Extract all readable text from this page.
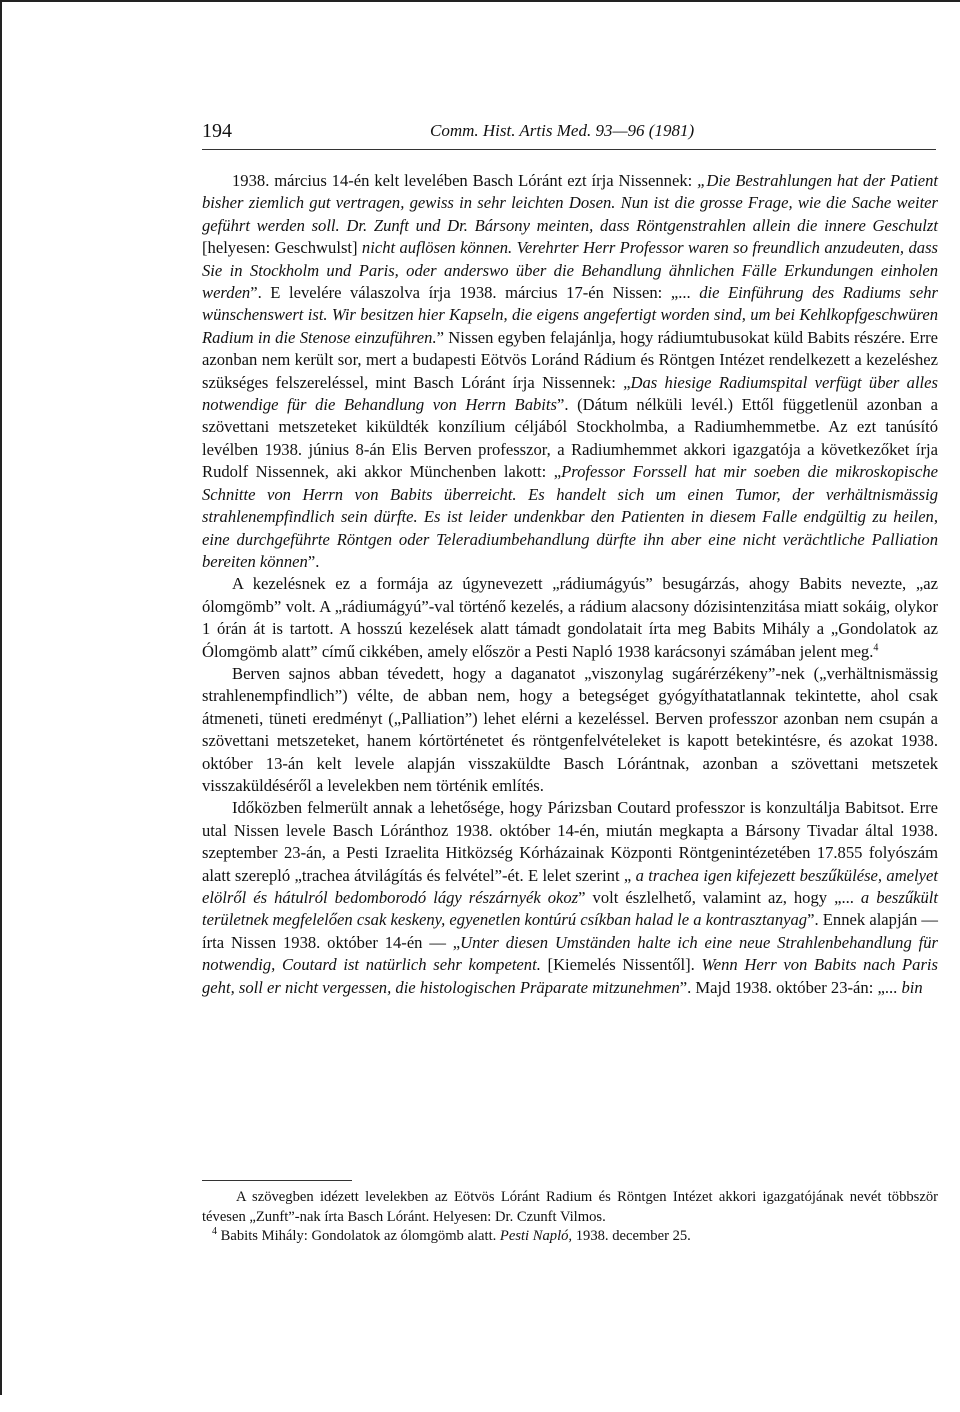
194	Comm. Hist. Artis Med. 93—96 (1981)

1938. március 14-én kelt levelében Basch Lóránt ezt írja Nissennek: „Die Bestrahlungen hat der Patient bisher ziemlich gut vertragen, gewiss in sehr leichten Dosen. Nun ist die grosse Frage, wie die Sache weiter geführt werden soll. Dr. Zunft und Dr. Bársony meinten, dass Röntgenstrahlen allein die innere Geschulzt [helyesen: Geschwulst] nicht auflösen können. Verehrter Herr Professor waren so freundlich anzudeuten, dass Sie in Stockholm und Paris, oder anderswo über die Behandlung ähnlichen Fälle Erkundungen einholen werden”. E levelére válaszolva írja 1938. március 17-én Nissen: „... die Einführung des Radiums sehr wünschenswert ist. Wir besitzen hier Kapseln, die eigens angefertigt worden sind, um bei Kehlkopfgeschwüren Radium in die Stenose einzuführen.” Nissen egyben felajánlja, hogy rádiumtubusokat küld Babits részére. Erre azonban nem került sor, mert a budapesti Eötvös Loránd Rádium és Röntgen Intézet rendelkezett a kezeléshez szükséges felszereléssel, mint Basch Lóránt írja Nissennek: „Das hiesige Radiumspital verfügt über alles notwendige für die Behandlung von Herrn Babits”. (Dátum nélküli levél.) Ettől függetlenül azonban a szövettani metszeteket kiküldték konzílium céljából Stockholmba, a Radiumhemmetbe. Az ezt tanúsító levélben 1938. június 8-án Elis Berven professzor, a Radiumhemmet akkori igazgatója a következőket írja Rudolf Nissennek, aki akkor Münchenben lakott: „Professor Forssell hat mir soeben die mikroskopische Schnitte von Herrn von Babits überreicht. Es handelt sich um einen Tumor, der verhältnismässig strahlenempfindlich sein dürfte. Es ist leider undenkbar den Patienten in diesem Falle endgültig zu heilen, eine durchgeführte Röntgen oder Teleradiumbehandlung dürfte ihn aber eine nicht verächtliche Palliation bereiten können”.

A kezelésnek ez a formája az úgynevezett „rádiumágyús” besugárzás, ahogy Babits nevezte, „az ólomgömb” volt. A „rádiumágyú”-val történő kezelés, a rádium alacsony dózisintenzitása miatt sokáig, olykor 1 órán át is tartott. A hosszú kezelések alatt támadt gondolatait írta meg Babits Mihály a „Gondolatok az Ólomgömb alatt” című cikkében, amely először a Pesti Napló 1938 karácsonyi számában jelent meg.$^4$

Berven sajnos abban tévedett, hogy a daganatot „viszonylag sugárérzékeny”-nek („verhältnismässig strahlenempfindlich”) vélte, de abban nem, hogy a betegséget gyógyíthatatlannak tekintette, ahol csak átmeneti, tüneti eredményt („Palliation”) lehet elérni a kezeléssel. Berven professzor azonban nem csupán a szövettani metszeteket, hanem kórtörténetet és röntgenfelvételeket is kapott betekintésre, és azokat 1938. október 13-án kelt levele alapján visszaküldte Basch Lórántnak, azonban a szövettani metszetek visszaküldéséről a levelekben nem történik említés.

Időközben felmerült annak a lehetősége, hogy Párizsban Coutard professzor is konzultálja Babitsot. Erre utal Nissen levele Basch Lóránthoz 1938. október 14-én, miután megkapta a Bársony Tivadar által 1938. szeptember 23-án, a Pesti Izraelita Hitközség Kórházainak Központi Röntgenintézetében 17.855 folyószám alatt szerepló „trachea átvilágítás és felvétel”-ét. E lelet szerint „ a trachea igen kifejezett beszűkülése, amelyet elölről és hátulról bedomborodó lágy részárnyék okoz” volt észlelhető, valamint az, hogy „... a beszűkült területnek megfelelően csak keskeny, egyenetlen kontúrú csíkban halad le a kontrasztanyag”. Ennek alapján — írta Nissen 1938. október 14-én — „Unter diesen Umständen halte ich eine neue Strahlenbehandlung für notwendig, Coutard ist natürlich sehr kompetent. [Kiemelés Nissentől]. Wenn Herr von Babits nach Paris geht, soll er nicht vergessen, die histologischen Präparate mitzunehmen”. Majd 1938. október 23-án: „... bin

A szövegben idézett levelekben az Eötvös Lóránt Radium és Röntgen Intézet akkori igazgatójának nevét többször tévesen „Zunft”-nak írta Basch Lóránt. Helyesen: Dr. Czunft Vilmos.

$^4$ Babits Mihály: Gondolatok az ólomgömb alatt. Pesti Napló, 1938. december 25.
